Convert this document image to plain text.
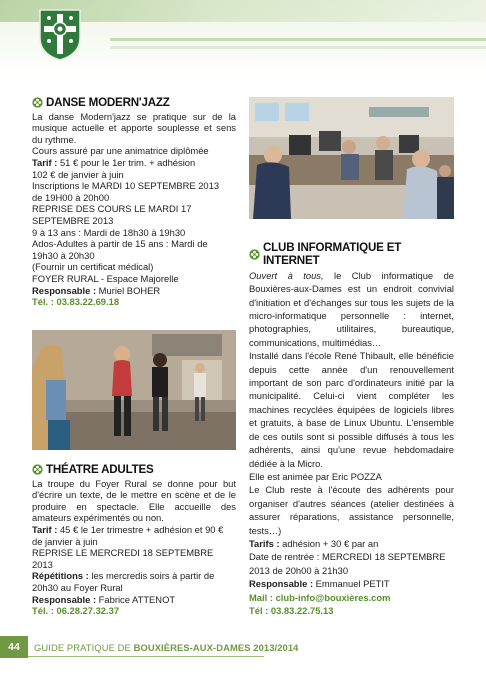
DANSE MODERN'JAZZ

La danse Modern'jazz se pratique sur de la musique actuelle et apporte souplesse et sens du rythme.

Cours assuré par une animatrice diplômée

Tarif : 51 € pour le 1er trim. + adhésion

102 € de janvier à juin

Inscriptions le MARDI 10 SEPTEMBRE 2013

de 19H00 à 20h00

REPRISE DES COURS LE MARDI 17 SEPTEMBRE 2013

9 à 13 ans : Mardi de 18h30 à 19h30

Ados-Adultes à partir de 15 ans : Mardi de 19h30 à 20h30

(Fournir un certificat médical)

FOYER RURAL - Espace Majorelle

Responsable : Muriel BOHER

Tél. : 03.83.22.69.18

THÉATRE ADULTES

La troupe du Foyer Rural se donne pour but d'écrire un texte, de le mettre en scène et de le produire en spectacle. Elle accueille des amateurs expérimentés ou non.

Tarif : 45 € le 1er trimestre + adhésion et 90 €

de janvier à juin

REPRISE LE MERCREDI 18 SEPTEMBRE 2013

Répétitions : les mercredis soirs à partir de 20h30 au Foyer Rural

Responsable : Fabrice ATTENOT

Tél. : 06.28.27.32.37

CLUB INFORMATIQUE ET INTERNET

Ouvert à tous, le Club informatique de Bouxières-aux-Dames est un endroit convivial d'initiation et d'échanges sur tous les sujets de la micro-informatique personnelle : internet, photographies, utilitaires, bureautique, communications, multimédias…

Installé dans l'école René Thibault, elle bénéficie depuis cette année d'un renouvellement important de son parc d'ordinateurs initié par la municipalité. Celui-ci vient compléter les machines recyclées équipées de logiciels libres et gratuits, à base de Linux Ubuntu. L'ensemble de ces outils sont si possible diffusés à tous les adhérents, ainsi qu'une revue hebdomadaire dédiée à la Micro.

Elle est animée par Eric POZZA

Le Club reste à l'écoute des adhérents pour organiser d'autres séances (atelier destinées à assurer réparations, assistance personnelle, tests…)

Tarifs : adhésion + 30 € par an

Date de rentrée : MERCREDI 18 SEPTEMBRE 2013 de 20h00 à 21h30

Responsable : Emmanuel PETIT

Mail : club-info@bouxières.com

Tél : 03.83.22.75.13

44	GUIDE PRATIQUE DE BOUXIÈRES-AUX-DAMES 2013/2014
